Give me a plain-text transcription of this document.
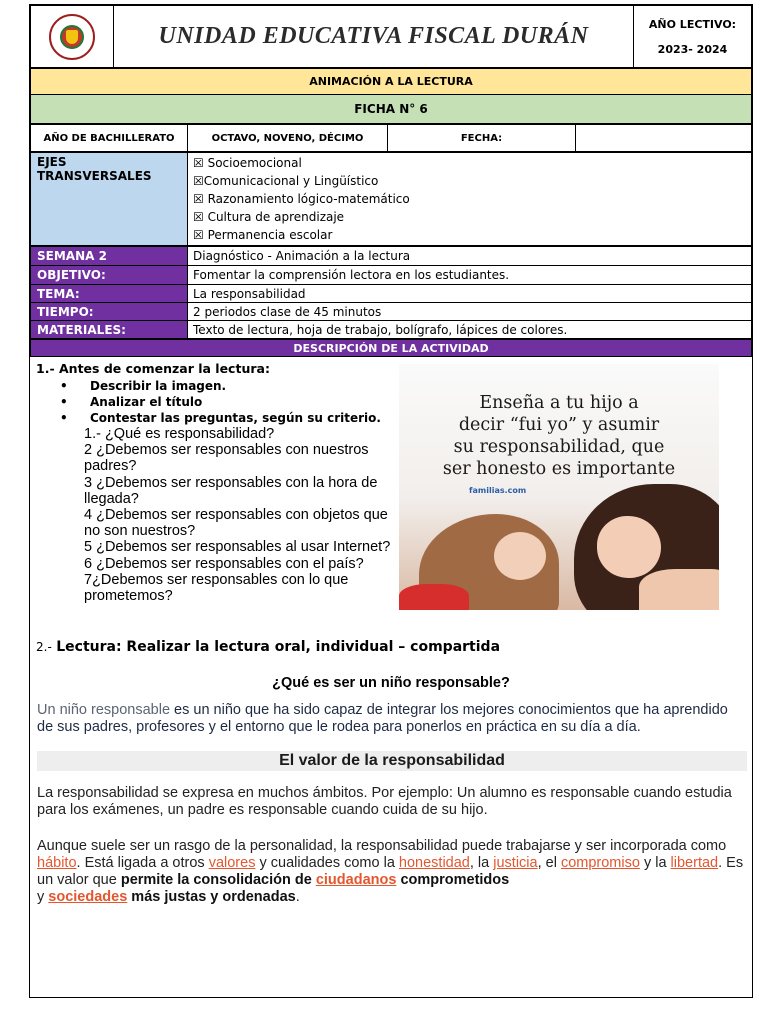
	UNIDAD EDUCATIVA FISCAL DURÁN	AÑO LECTIVO:
2023- 2024
ANIMACIÓN A LA LECTURA
FICHA N° 6
AÑO DE BACHILLERATO	OCTAVO, NOVENO, DÉCIMO	FECHA:	
EJES TRANSVERSALES	
☒ Socioemocional
☒Comunicacional y Lingüístico
☒ Razonamiento lógico-matemático
☒ Cultura de aprendizaje
☒ Permanencia escolar
SEMANA 2	Diagnóstico - Animación a la lectura
OBJETIVO:	Fomentar la comprensión lectora en los estudiantes.
TEMA:	La responsabilidad
TIEMPO:	2 periodos clase de 45 minutos
MATERIALES:	Texto de lectura, hoja de trabajo, bolígrafo, lápices de colores.
DESCRIPCIÓN DE LA ACTIVIDAD
1.- Antes de comenzar la lectura:
• Describir la imagen.
• Analizar el título
• Contestar las preguntas, según su criterio.
1.- ¿Qué es responsabilidad?
2 ¿Debemos ser responsables con nuestros padres?
3 ¿Debemos ser responsables con la hora de llegada?
4 ¿Debemos ser responsables con objetos que no son nuestros?
5 ¿Debemos ser responsables al usar Internet?
6 ¿Debemos ser responsables con el país?
7¿Debemos ser responsables con lo que prometemos?
Enseña a tu hijo a
decir “fui yo” y asumir
su responsabilidad, que
ser honesto es importante
familias.com
2.- Lectura: Realizar la lectura oral, individual – compartida
¿Qué es ser un niño responsable?
Un niño responsable es un niño que ha sido capaz de integrar los mejores conocimientos que ha aprendido de sus padres, profesores y el entorno que le rodea para ponerlos en práctica en su día a día.
El valor de la responsabilidad
La responsabilidad se expresa en muchos ámbitos. Por ejemplo: Un alumno es responsable cuando estudia para los exámenes, un padre es responsable cuando cuida de su hijo.
Aunque suele ser un rasgo de la personalidad, la responsabilidad puede trabajarse y ser incorporada como hábito. Está ligada a otros valores y cualidades como la honestidad, la justicia, el compromiso y la libertad. Es un valor que permite la consolidación de ciudadanos comprometidos
y sociedades más justas y ordenadas.
